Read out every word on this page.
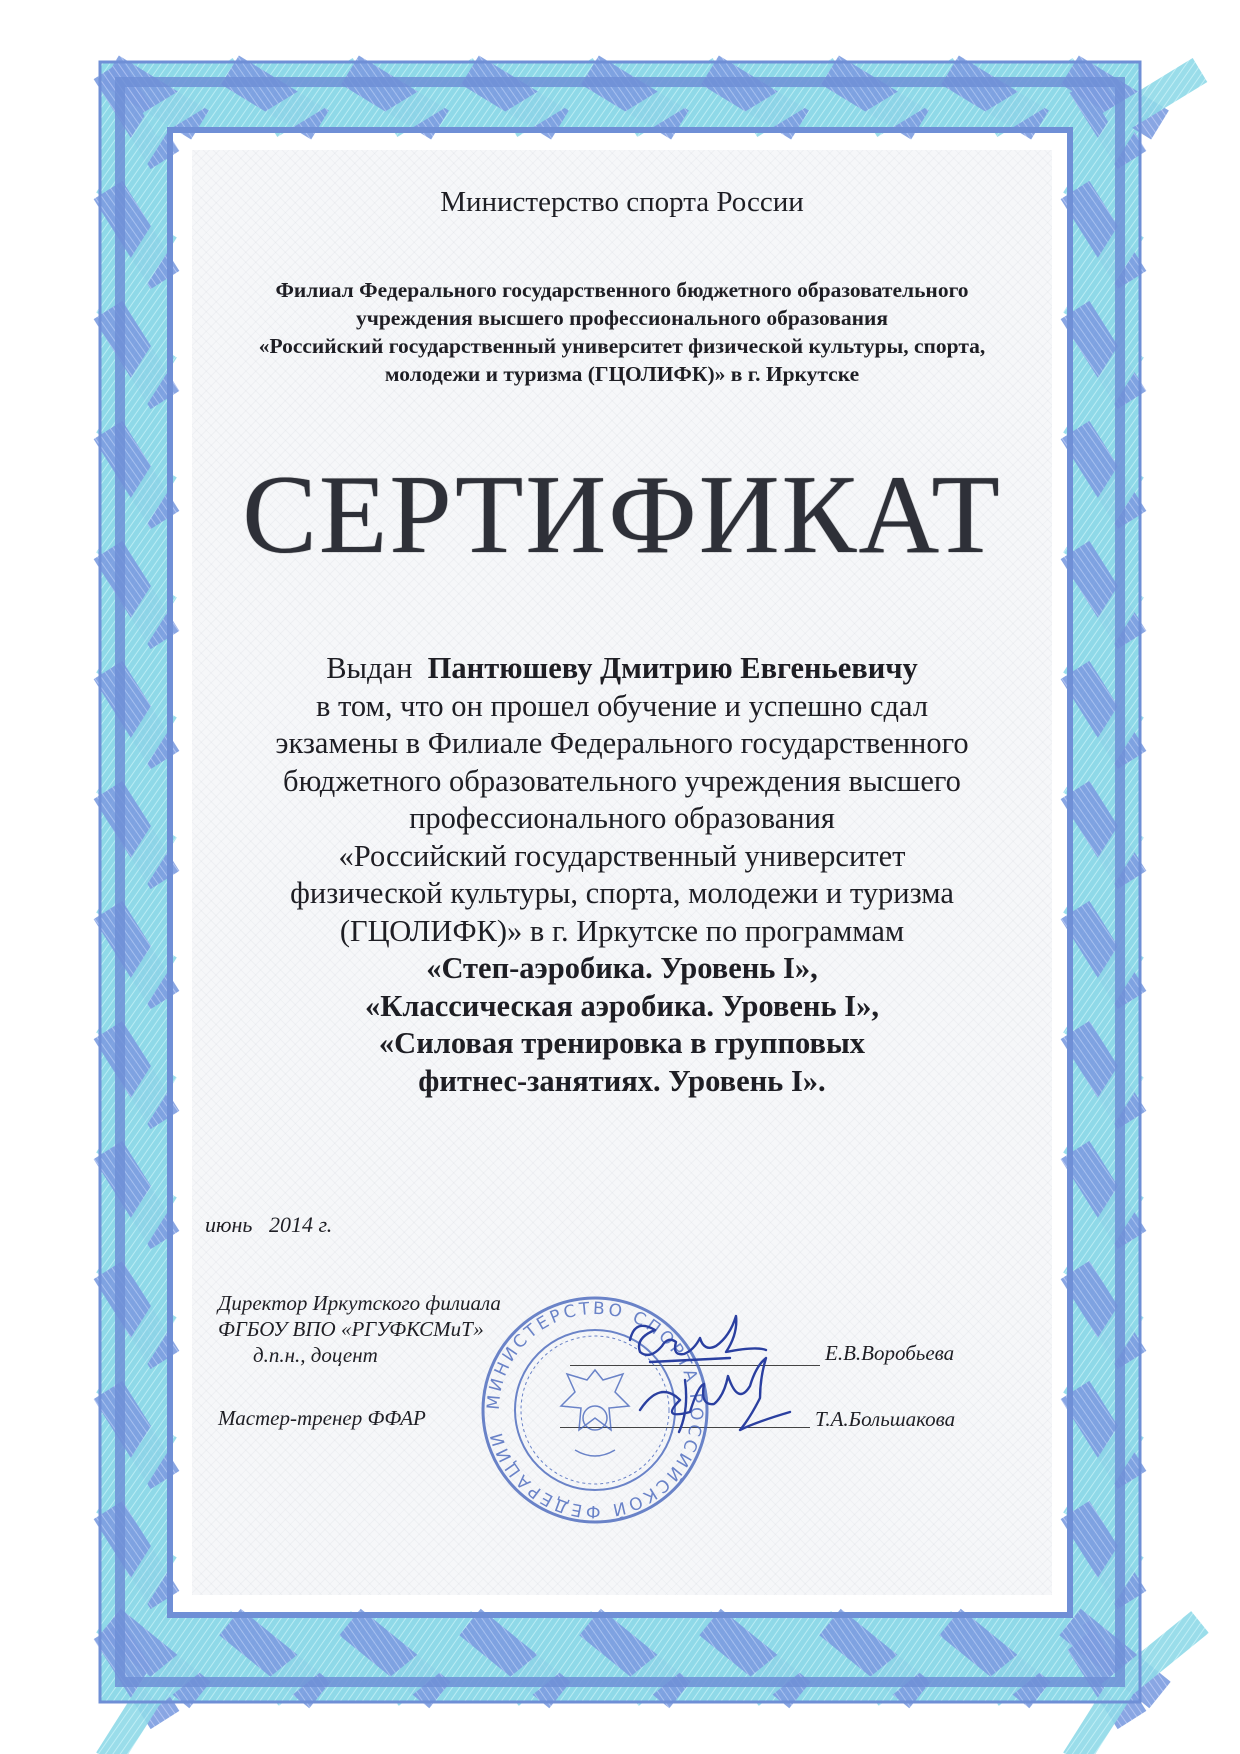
Министерство спорта России
Филиал Федерального государственного бюджетного образовательного
учреждения высшего профессионального образования
«Российский государственный университет физической культуры, спорта,
молодежи и туризма (ГЦОЛИФК)» в г. Иркутске
СЕРТИФИКАТ
Выдан Пантюшеву Дмитрию Евгеньевичу
в том, что он прошел обучение и успешно сдал
экзамены в Филиале Федерального государственного
бюджетного образовательного учреждения высшего
профессионального образования
«Российский государственный университет
физической культуры, спорта, молодежи и туризма
(ГЦОЛИФК)» в г. Иркутске по программам
«Степ-аэробика. Уровень I»,
«Классическая аэробика. Уровень I»,
«Силовая тренировка в групповых
фитнес-занятиях. Уровень I».
июнь   2014 г.
Директор Иркутского филиала
ФГБОУ ВПО «РГУФКСМиТ»
д.п.н., доцент	Е.В.Воробьева
Мастер-тренер ФФАР	Т.А.Большакова
МИНИСТЕРСТВО СПОРТА РОССИЙСКОЙ ФЕДЕРАЦИИ
